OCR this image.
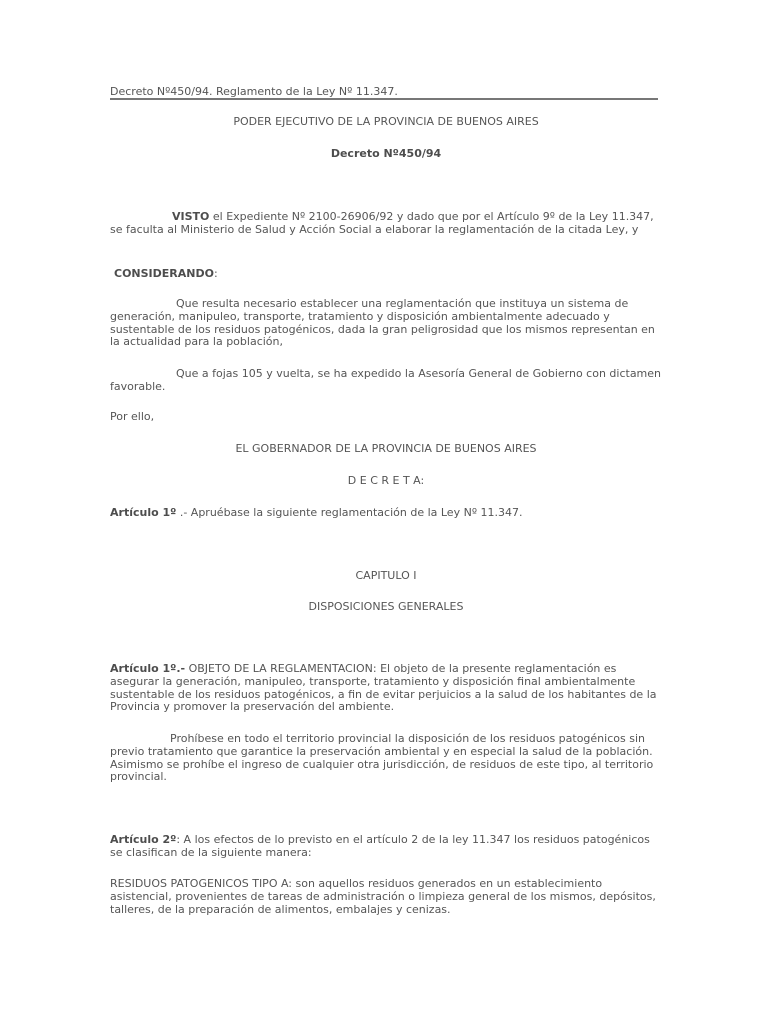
Decreto Nº450/94. Reglamento de la Ley Nº 11.347.

PODER EJECUTIVO DE LA PROVINCIA DE BUENOS AIRES

Decreto Nº450/94

VISTO el Expediente Nº 2100-26906/92 y dado que por el Artículo 9º de la Ley 11.347, se faculta al Ministerio de Salud y Acción Social a elaborar la reglamentación de la citada Ley, y

CONSIDERANDO:

Que resulta necesario establecer una reglamentación que instituya un sistema de generación, manipuleo, transporte, tratamiento y disposición ambientalmente adecuado y sustentable de los residuos patogénicos, dada la gran peligrosidad que los mismos representan en la actualidad para la población,

Que a fojas 105 y vuelta, se ha expedido la Asesoría General de Gobierno con dictamen favorable.

Por ello,

EL GOBERNADOR DE LA PROVINCIA DE BUENOS AIRES

D E C R E T A:

Artículo 1º .- Apruébase la siguiente reglamentación de la Ley Nº 11.347.

CAPITULO I

DISPOSICIONES GENERALES

Artículo 1º.- OBJETO DE LA REGLAMENTACION: El objeto de la presente reglamentación es asegurar la generación, manipuleo, transporte, tratamiento y disposición final ambientalmente sustentable de los residuos patogénicos, a fin de evitar perjuicios a la salud de los habitantes de la Provincia y promover la preservación del ambiente.

Prohíbese en todo el territorio provincial la disposición de los residuos patogénicos sin previo tratamiento que garantice la preservación ambiental y en especial la salud de la población. Asimismo se prohíbe el ingreso de cualquier otra jurisdicción, de residuos de este tipo, al territorio provincial.

Artículo 2º: A los efectos de lo previsto en el artículo 2 de la ley 11.347 los residuos patogénicos se clasifican de la siguiente manera:

RESIDUOS PATOGENICOS TIPO A: son aquellos residuos generados en un establecimiento asistencial, provenientes de tareas de administración o limpieza general de los mismos, depósitos, talleres, de la preparación de alimentos, embalajes y cenizas.
